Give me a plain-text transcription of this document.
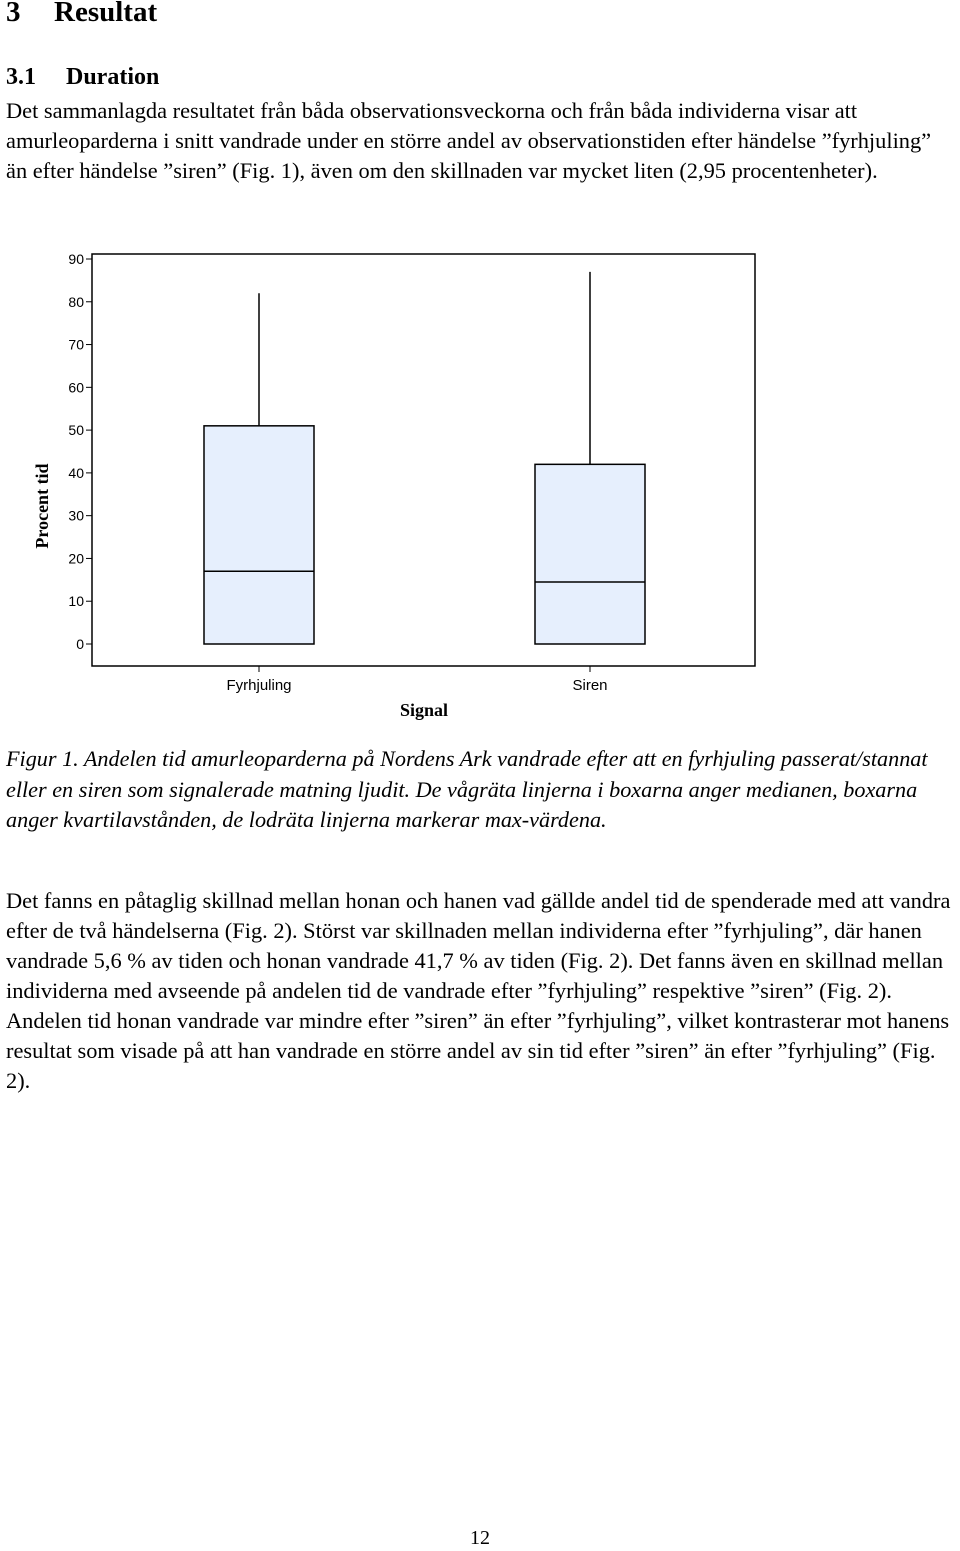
3 Resultat
3.1 Duration

Det sammanlagda resultatet från båda observationsveckorna och från båda individerna visar att amurleoparderna i snitt vandrade under en större andel av observationstiden efter händelse ”fyrhjuling” än efter händelse ”siren” (Fig. 1), även om den skillnaden var mycket liten (2,95 procentenheter).

0
10
20
30
40
50
60
70
80
90
Fyrhjuling	Siren
Procent tid
Signal

Figur 1. Andelen tid amurleoparderna på Nordens Ark vandrade efter att en fyrhjuling passerat/stannat eller en siren som signalerade matning ljudit. De vågräta linjerna i boxarna anger medianen, boxarna anger kvartilavstånden, de lodräta linjerna markerar max-värdena.

Det fanns en påtaglig skillnad mellan honan och hanen vad gällde andel tid de spenderade med att vandra efter de två händelserna (Fig. 2). Störst var skillnaden mellan individerna efter ”fyrhjuling”, där hanen vandrade 5,6 % av tiden och honan vandrade 41,7 % av tiden (Fig. 2). Det fanns även en skillnad mellan individerna med avseende på andelen tid de vandrade efter ”fyrhjuling” respektive ”siren” (Fig. 2). Andelen tid honan vandrade var mindre efter ”siren” än efter ”fyrhjuling”, vilket kontrasterar mot hanens resultat som visade på att han vandrade en större andel av sin tid efter ”siren” än efter ”fyrhjuling” (Fig. 2).

12
